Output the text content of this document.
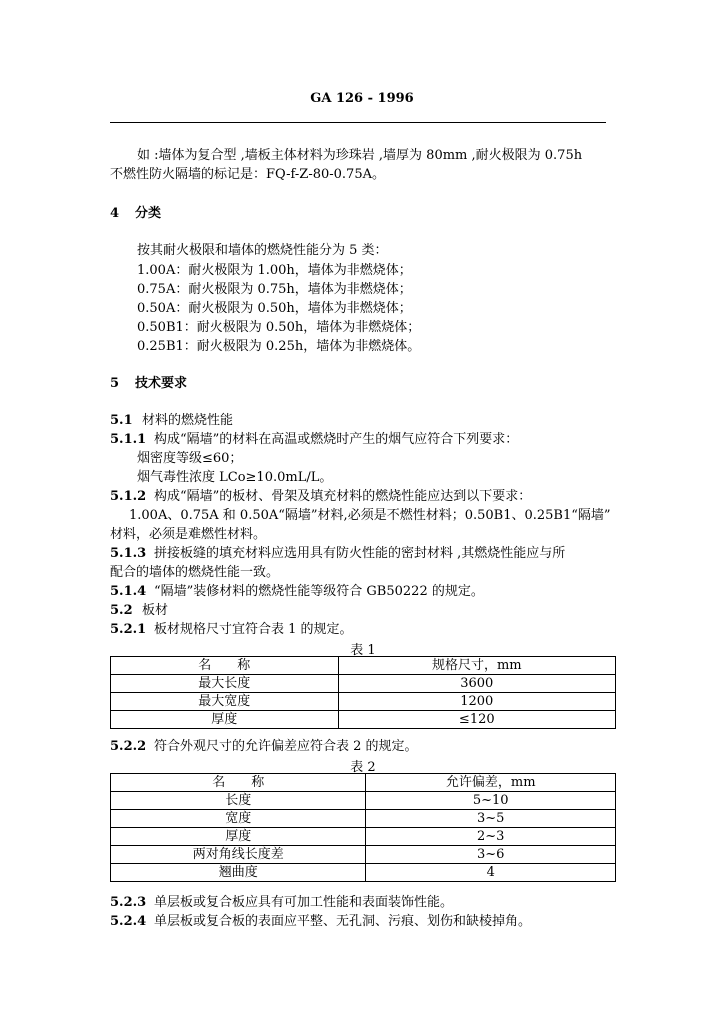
GA 126 - 1996
如 :墙体为复合型 ,墙板主体材料为珍珠岩 ,墙厚为 80mm ,耐火极限为 0.75h
不燃性防火隔墙的标记是：FQ-f-Z-80-0.75A。
4 分类
按其耐火极限和墙体的燃烧性能分为 5 类：
1.00A：耐火极限为 1.00h，墙体为非燃烧体；
0.75A：耐火极限为 0.75h，墙体为非燃烧体；
0.50A：耐火极限为 0.50h，墙体为非燃烧体；
0.50B1：耐火极限为 0.50h，墙体为非燃烧体；
0.25B1：耐火极限为 0.25h，墙体为非燃烧体。
5 技术要求
5.1 材料的燃烧性能
5.1.1 构成“隔墙”的材料在高温或燃烧时产生的烟气应符合下列要求：
烟密度等级≤60；
烟气毒性浓度 LCo≥10.0mL/L。
5.1.2 构成“隔墙”的板材、骨架及填充材料的燃烧性能应达到以下要求：
1.00A、0.75A 和 0.50A“隔墙”材料,必须是不燃性材料；0.50B1、0.25B1“隔墙”
材料，必须是难燃性材料。
5.1.3 拼接板缝的填充材料应选用具有防火性能的密封材料 ,其燃烧性能应与所
配合的墙体的燃烧性能一致。
5.1.4 “隔墙”装修材料的燃烧性能等级符合 GB50222 的规定。
5.2 板材
5.2.1 板材规格尺寸宜符合表 1 的规定。
表 1
名　　称	规格尺寸，mm
最大长度	3600
最大宽度	1200
厚度	≤120
5.2.2 符合外观尺寸的允许偏差应符合表 2 的规定。
表 2
名　　称	允许偏差，mm
长度	5~10
宽度	3~5
厚度	2~3
两对角线长度差	3~6
翘曲度	4
5.2.3 单层板或复合板应具有可加工性能和表面装饰性能。
5.2.4 单层板或复合板的表面应平整、无孔洞、污痕、划伤和缺棱掉角。
